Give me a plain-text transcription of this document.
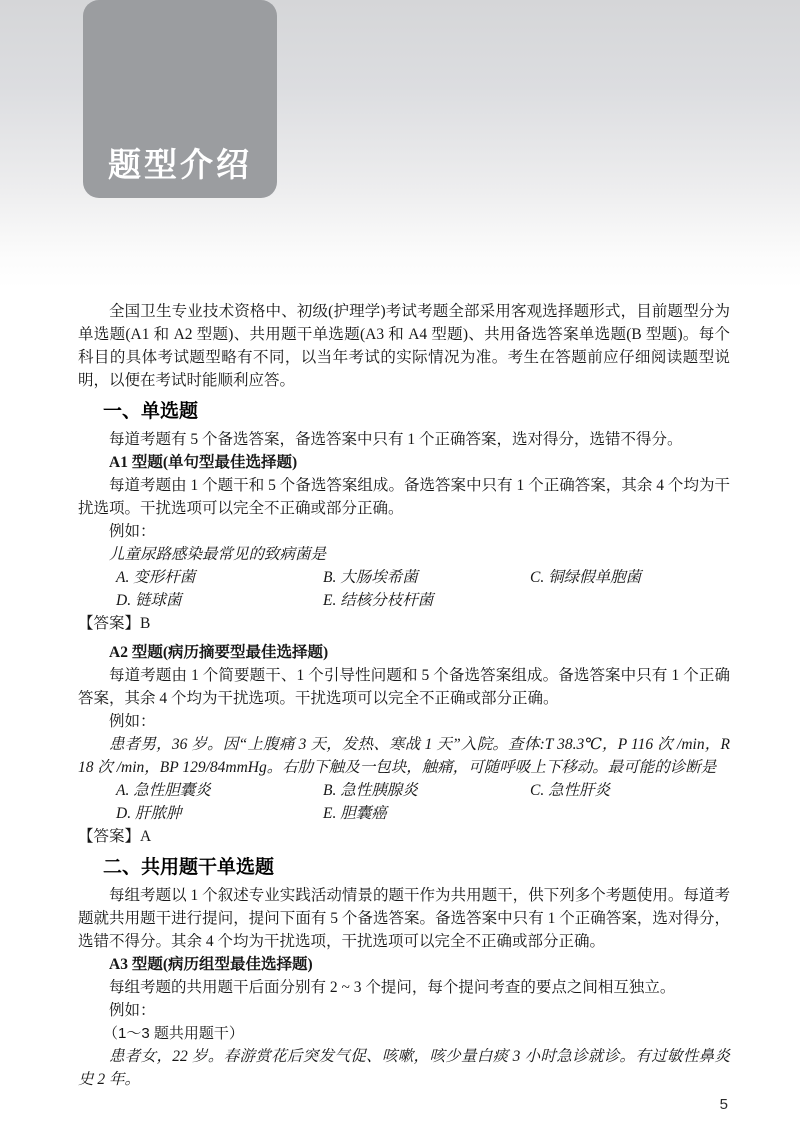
题型介绍

全国卫生专业技术资格中、初级(护理学)考试考题全部采用客观选择题形式，目前题型分为单选题(A1 和 A2 型题)、共用题干单选题(A3 和 A4 型题)、共用备选答案单选题(B 型题)。每个科目的具体考试题型略有不同，以当年考试的实际情况为准。考生在答题前应仔细阅读题型说明，以便在考试时能顺利应答。

一、单选题

每道考题有 5 个备选答案，备选答案中只有 1 个正确答案，选对得分，选错不得分。

A1 型题(单句型最佳选择题)

每道考题由 1 个题干和 5 个备选答案组成。备选答案中只有 1 个正确答案，其余 4 个均为干扰选项。干扰选项可以完全不正确或部分正确。

例如：

儿童尿路感染最常见的致病菌是

A. 变形杆菌	B. 大肠埃希菌	C. 铜绿假单胞菌
D. 链球菌	E. 结核分枝杆菌

【答案】B

A2 型题(病历摘要型最佳选择题)

每道考题由 1 个简要题干、1 个引导性问题和 5 个备选答案组成。备选答案中只有 1 个正确答案，其余 4 个均为干扰选项。干扰选项可以完全不正确或部分正确。

例如：

患者男，36 岁。因“上腹痛 3 天，发热、寒战 1 天”入院。查体:T 38.3℃，P 116 次 /min，R 18 次 /min，BP 129/84mmHg。右肋下触及一包块，触痛，可随呼吸上下移动。最可能的诊断是

A. 急性胆囊炎	B. 急性胰腺炎	C. 急性肝炎
D. 肝脓肿	E. 胆囊癌

【答案】A

二、共用题干单选题

每组考题以 1 个叙述专业实践活动情景的题干作为共用题干，供下列多个考题使用。每道考题就共用题干进行提问，提问下面有 5 个备选答案。备选答案中只有 1 个正确答案，选对得分，选错不得分。其余 4 个均为干扰选项，干扰选项可以完全不正确或部分正确。

A3 型题(病历组型最佳选择题)

每组考题的共用题干后面分别有 2 ~ 3 个提问，每个提问考查的要点之间相互独立。

例如：

（1～3 题共用题干）

患者女，22 岁。春游赏花后突发气促、咳嗽，咳少量白痰 3 小时急诊就诊。有过敏性鼻炎史 2 年。

5
